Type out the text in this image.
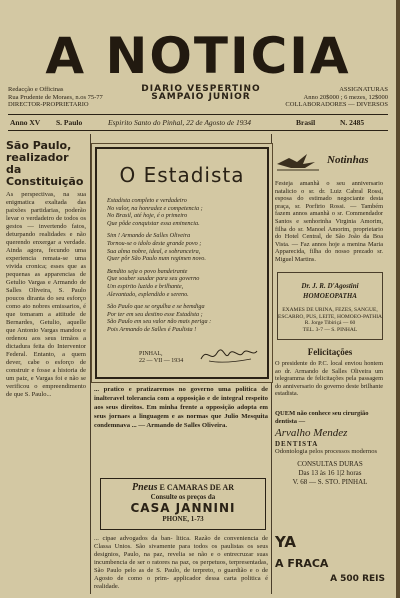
A NOTICIA
Redacção e Officinas
Rua Prudente de Moraes, n.os 75-77
DIRECTOR-PROPRIETARIO
DIARIO VESPERTINO
SAMPAIO JUNIOR
ASSIGNATURAS
Anno 20$000 ; 6 mezes, 12$000
COLLABORADORES — DIVERSOS
Anno XV S. Paulo	Espirito Santo do Pinhal, 22 de Agosto de 1934	Brasil	N. 2485
São Paulo, realizador da Constituição
As perspectivas, na sua enigmatica exaltada das paixões partidarias, poderão levar o verdadeiro de todos os gestos — invertendo fatos, deturpando realidades e não querendo enxergar a verdade. Ainda agora, fecundo uma experiencia remata-se uma vivida cronica; esses que as pequenas as apparencias de Getulio Vargas e Armando de Salles Oliveira, S. Paulo poucos diranta do seu esforço como ato nobres emissarios, é que tomaram a attitude de Bernardes, Getulio, aquelle que Antonio Vargas mandou e ordenou aos seus irmãos a dictadura feita do Interventor Federal. Entanto, a quem dever, cabe o esforço de construir e fosse a historia de um paiz, e Vargas foi e não se verificou o empreendimento de que S. Paulo...
O Estadista
Estadista completo e verdadeiro
No valor, na honradez e competencia ;
No Brasil, até hoje, é o primeiro
Que pôde conquistar essa eminencia.
Sim ! Armando de Salles Oliveira
Tornou-se o idolo deste grande povo ;
Sua alma nobre, ideal, e sobranceira,
Quer pôr São Paulo num regimen novo.
Bendito seja o povo bandeirante
Que souber saudar para seu governo
Um espirito luzido e brilhante,
Alevantado, esplendido e sereno.
São Paulo que se orgulha e se bemdiga
Por ter em seu destino esse Estadista ;
São Paulo em seu valor não mais periga :
Pois Armando de Salles é Paulista !
PINHAL,
22 — VII — 1934
... pratico e pratizaremos no governo uma politica de inalteravel tolerancia com a opposição e de integral respeito aos seus direitos. Em minha frente a opposição adopta em seus jornaes a linguagem e as normas que Julio Mesquita condemnava ... — Armando de Salles Oliveira.
Pneus E CAMARAS DE AR
Consulte os preços da
CASA JANNINI
PHONE, 1-73
... cipae advogados da ban- litica. Razão de conveniencia de Classa Unios. São sivamente para todos os paulistas os seus designios, Paulo, na paz, revelia se não e o entrecruzar suas incumbencia de ser o ratores na paz, os perpetuos, terpresentadas, São Paulo pelo as de S. Paulo, de terpreto, o guardião e o de Agosto de como o prim- applicador dessa carta politica é realidade.
Notinhas
Festeja amanhã o seu anniversario natalicio o sr. dr. Luiz Cabral Rossi, esposa do estimado negociante desta praça, sr. Porfirio Rossi. — Também fazem annos amanhã o sr. Commendador Santos e senhorinha Virginia Amorim, filha do sr. Manoel Amorim, proprietario do Hotel Central, de São João da Boa Vista. — Faz annos hoje a menina Maria Apparecida, filha do nosso prezado sr. Miguel Martins.
Dr. J. R. D'Agostini
HOMOEOPATHA
EXAMES DE URINA, FEZES, SANGUE, ESCARRO, PUS, LEITE, HOMOEO-PATHIA
R. Jorge Tibiriçá — 60
TEL. 3-7 — S. PINHAL
Felicitações
O presidente do P.C. local enviou hontem ao dr. Armando de Salles Oliveira um telegramma de felicitações pela passagem do anniversario do governo deste brilhante estadista.
QUEM não conhece seu cirurgião dentista —
Arvalho Mendez
DENTISTA
Odontologia pelos processos modernos
CONSULTAS DURAS
Das 13 às 16 1|2 horas
V. 68 — S. STO. PINHAL
YA
A FRACA
A 500 REIS
